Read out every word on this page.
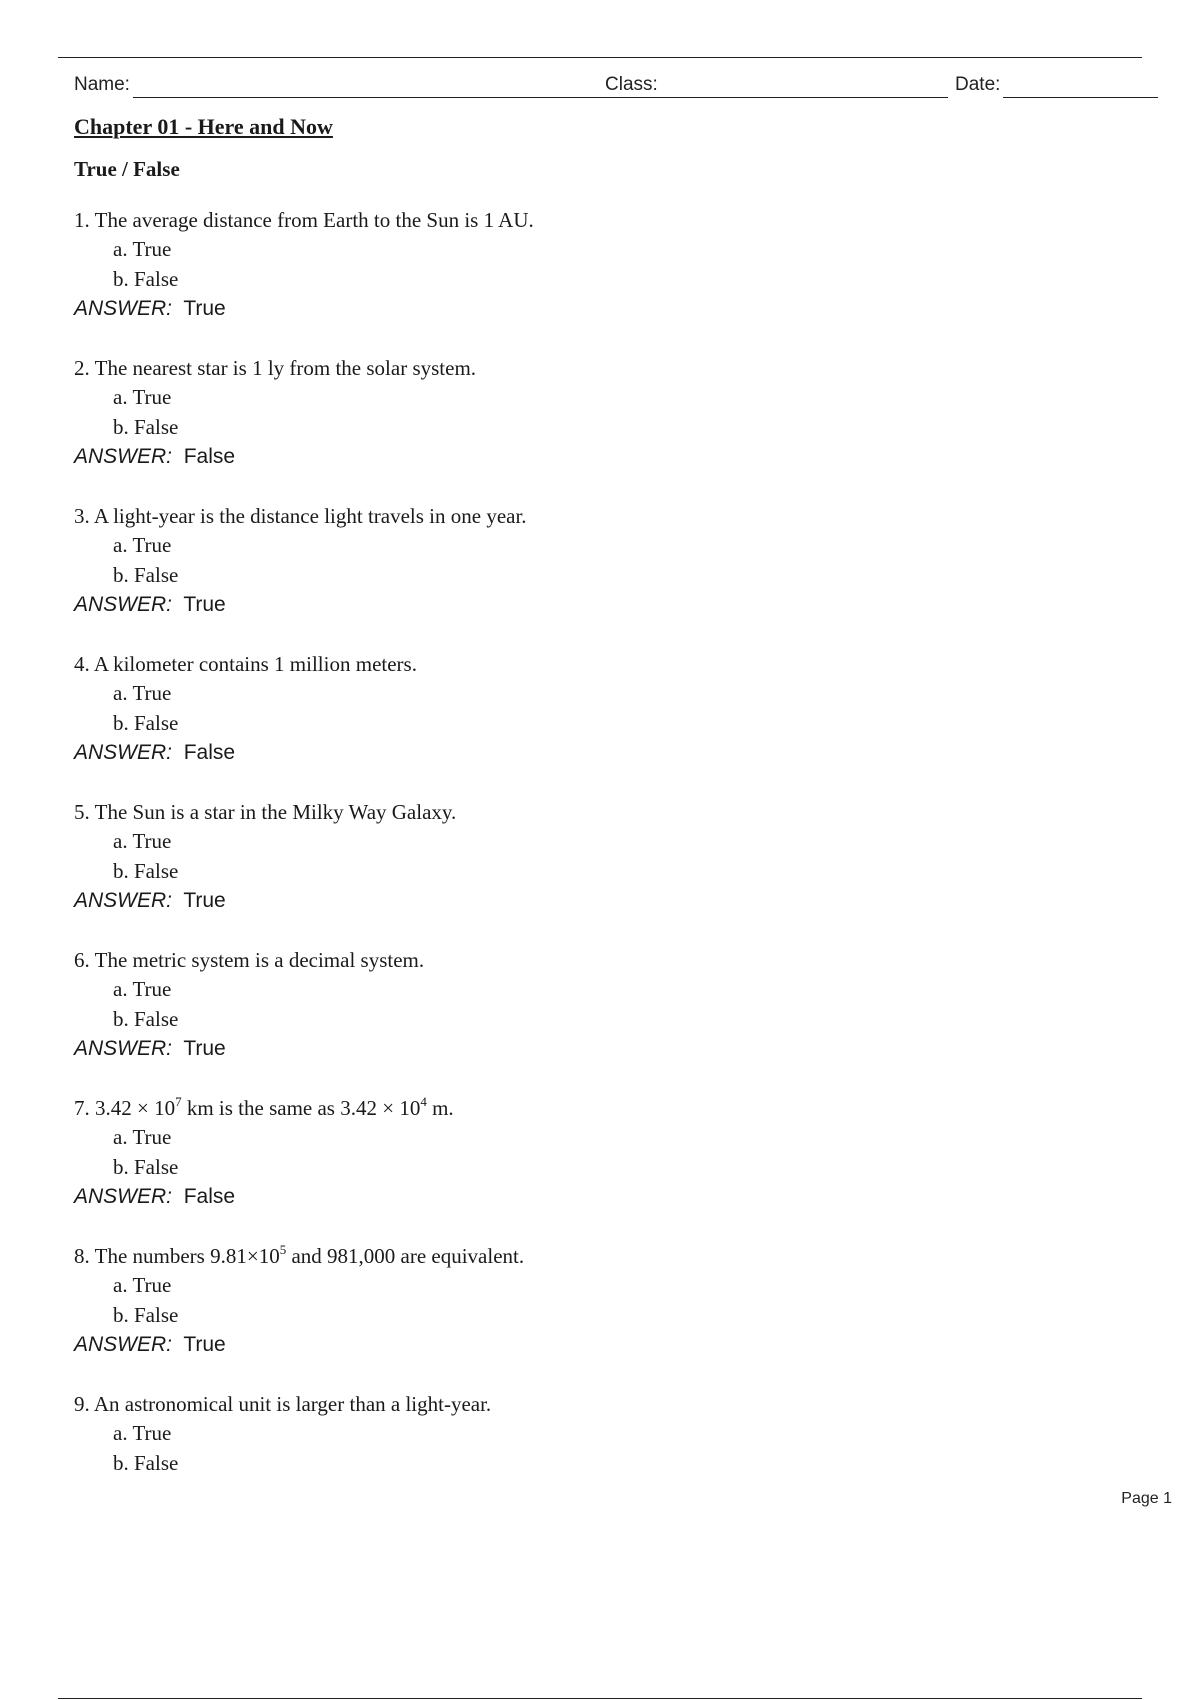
Name:	Class:	Date:
Chapter 01 - Here and Now
True / False
1. The average distance from Earth to the Sun is 1 AU.
a. True
b. False
ANSWER: True
2. The nearest star is 1 ly from the solar system.
a. True
b. False
ANSWER: False
3. A light-year is the distance light travels in one year.
a. True
b. False
ANSWER: True
4. A kilometer contains 1 million meters.
a. True
b. False
ANSWER: False
5. The Sun is a star in the Milky Way Galaxy.
a. True
b. False
ANSWER: True
6. The metric system is a decimal system.
a. True
b. False
ANSWER: True
7. $3.42 \times 10^7$ km is the same as $3.42 \times 10^4$ m.
a. True
b. False
ANSWER: False
8. The numbers $9.81\times 10^5$ and 981,000 are equivalent.
a. True
b. False
ANSWER: True
9. An astronomical unit is larger than a light-year.
a. True
b. False
Page 1
